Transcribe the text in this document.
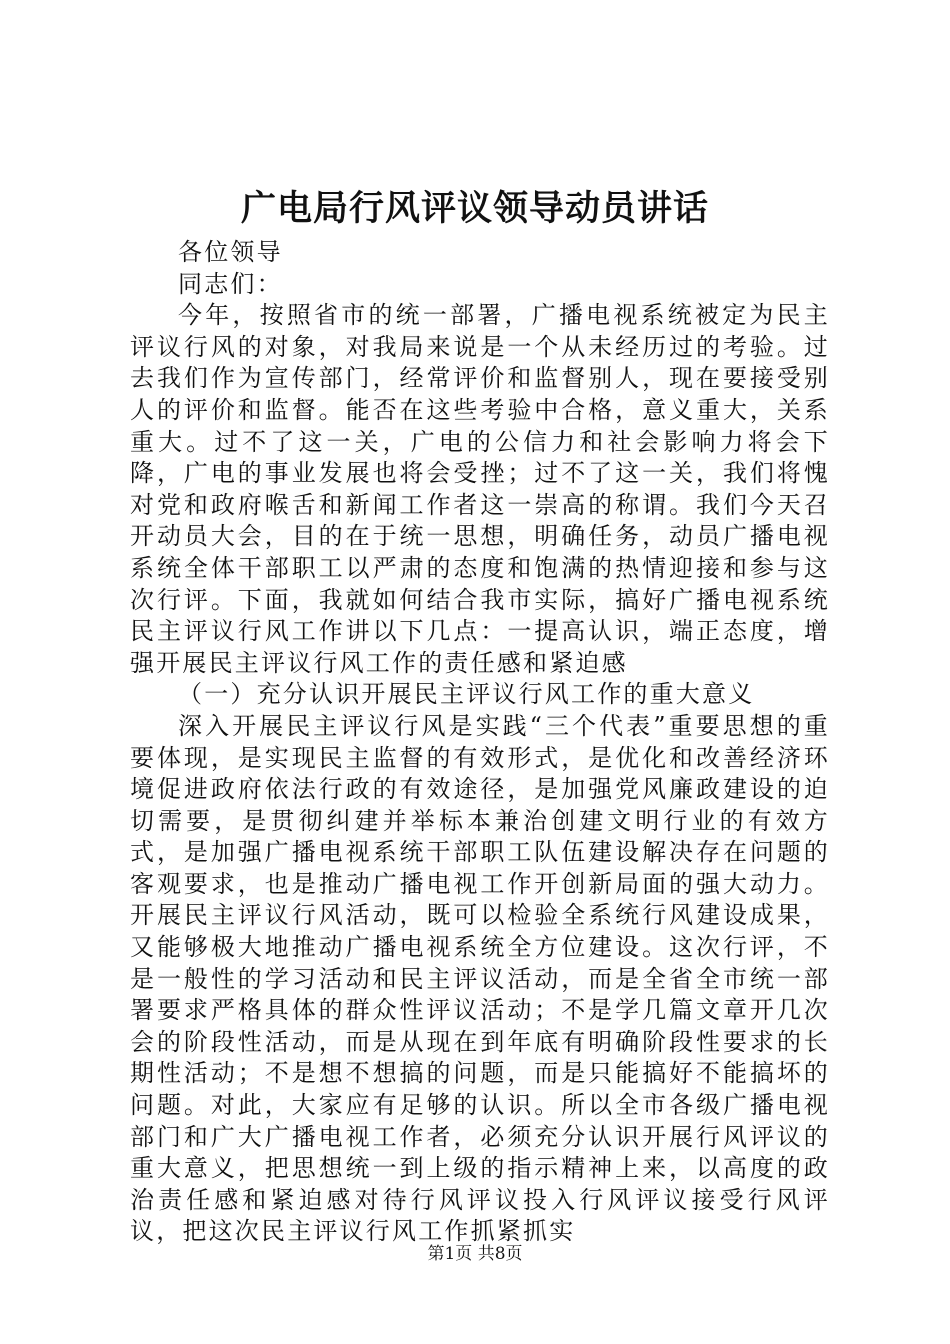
广电局行风评议领导动员讲话

各位领导

同志们：

今年，按照省市的统一部署，广播电视系统被定为民主评议行风的对象，对我局来说是一个从未经历过的考验。过去我们作为宣传部门，经常评价和监督别人，现在要接受别人的评价和监督。能否在这些考验中合格，意义重大，关系重大。过不了这一关，广电的公信力和社会影响力将会下降，广电的事业发展也将会受挫；过不了这一关，我们将愧对党和政府喉舌和新闻工作者这一崇高的称谓。我们今天召开动员大会，目的在于统一思想，明确任务，动员广播电视系统全体干部职工以严肃的态度和饱满的热情迎接和参与这次行评。下面，我就如何结合我市实际，搞好广播电视系统民主评议行风工作讲以下几点：一提高认识，端正态度，增强开展民主评议行风工作的责任感和紧迫感

（一）充分认识开展民主评议行风工作的重大意义

深入开展民主评议行风是实践“三个代表”重要思想的重要体现，是实现民主监督的有效形式，是优化和改善经济环境促进政府依法行政的有效途径，是加强党风廉政建设的迫切需要，是贯彻纠建并举标本兼治创建文明行业的有效方式，是加强广播电视系统干部职工队伍建设解决存在问题的客观要求，也是推动广播电视工作开创新局面的强大动力。开展民主评议行风活动，既可以检验全系统行风建设成果，又能够极大地推动广播电视系统全方位建设。这次行评，不是一般性的学习活动和民主评议活动，而是全省全市统一部署要求严格具体的群众性评议活动；不是学几篇文章开几次会的阶段性活动，而是从现在到年底有明确阶段性要求的长期性活动；不是想不想搞的问题，而是只能搞好不能搞坏的问题。对此，大家应有足够的认识。所以全市各级广播电视部门和广大广播电视工作者，必须充分认识开展行风评议的重大意义，把思想统一到上级的指示精神上来，以高度的政治责任感和紧迫感对待行风评议投入行风评议接受行风评议，把这次民主评议行风工作抓紧抓实

第1页 共8页
